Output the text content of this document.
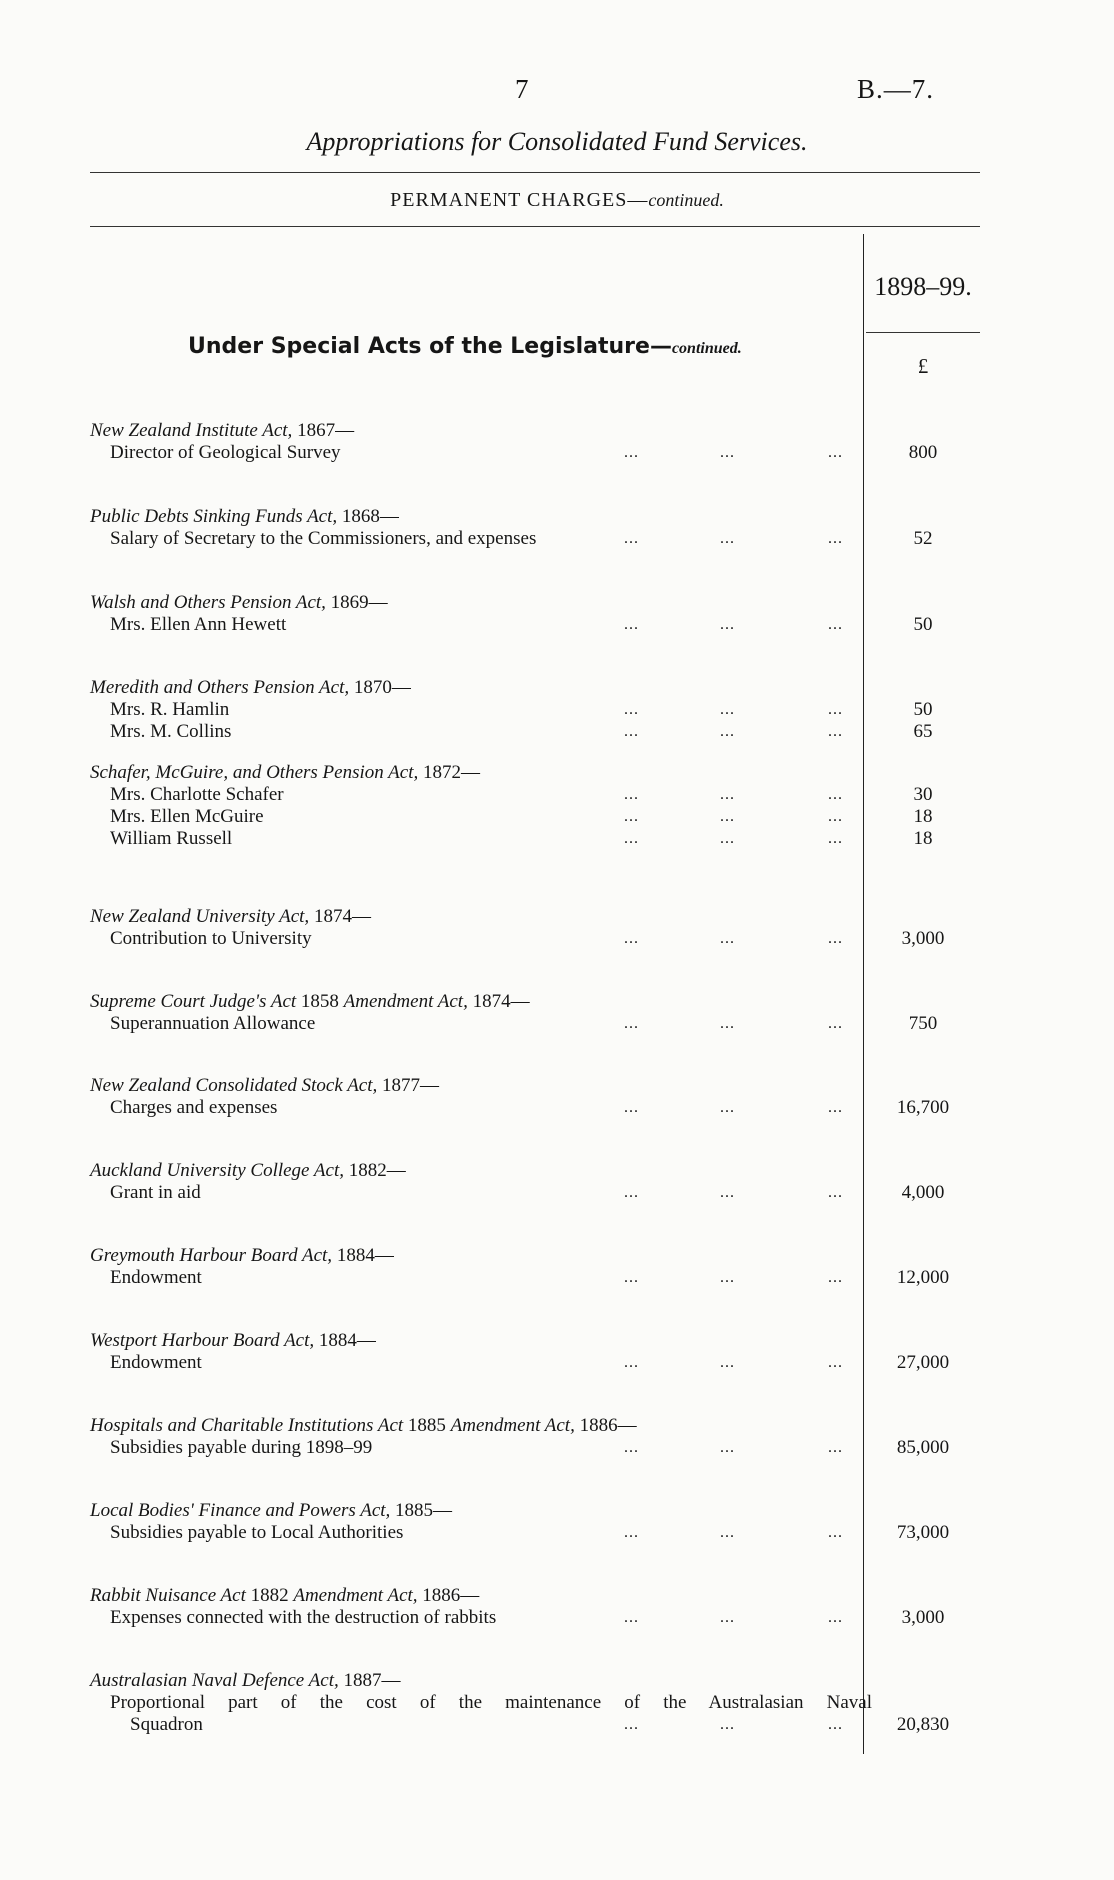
7	B.—7.
Appropriations for Consolidated Fund Services.
PERMANENT CHARGES—continued.
1898–99.
£
Under Special Acts of the Legislature—continued.
New Zealand Institute Act, 1867—
Director of Geological Survey	...	...	...	800
Public Debts Sinking Funds Act, 1868—
Salary of Secretary to the Commissioners, and expenses	...	...	...	52
Walsh and Others Pension Act, 1869—
Mrs. Ellen Ann Hewett	...	...	...	50
Meredith and Others Pension Act, 1870—
Mrs. R. Hamlin	...	...	...	50
Mrs. M. Collins	...	...	...	65
Schafer, McGuire, and Others Pension Act, 1872—
Mrs. Charlotte Schafer	...	...	...	30
Mrs. Ellen McGuire	...	...	...	18
William Russell	...	...	...	18
New Zealand University Act, 1874—
Contribution to University	...	...	...	3,000
Supreme Court Judge's Act 1858 Amendment Act, 1874—
Superannuation Allowance	...	...	...	750
New Zealand Consolidated Stock Act, 1877—
Charges and expenses	...	...	...	16,700
Auckland University College Act, 1882—
Grant in aid	...	...	...	4,000
Greymouth Harbour Board Act, 1884—
Endowment	...	...	...	12,000
Westport Harbour Board Act, 1884—
Endowment	...	...	...	27,000
Hospitals and Charitable Institutions Act 1885 Amendment Act, 1886—
Subsidies payable during 1898–99	...	...	...	85,000
Local Bodies' Finance and Powers Act, 1885—
Subsidies payable to Local Authorities	...	...	...	73,000
Rabbit Nuisance Act 1882 Amendment Act, 1886—
Expenses connected with the destruction of rabbits	...	...	...	3,000
Australasian Naval Defence Act, 1887—
Proportional part of the cost of the maintenance of the Australasian Naval
Squadron	...	...	...	20,830
